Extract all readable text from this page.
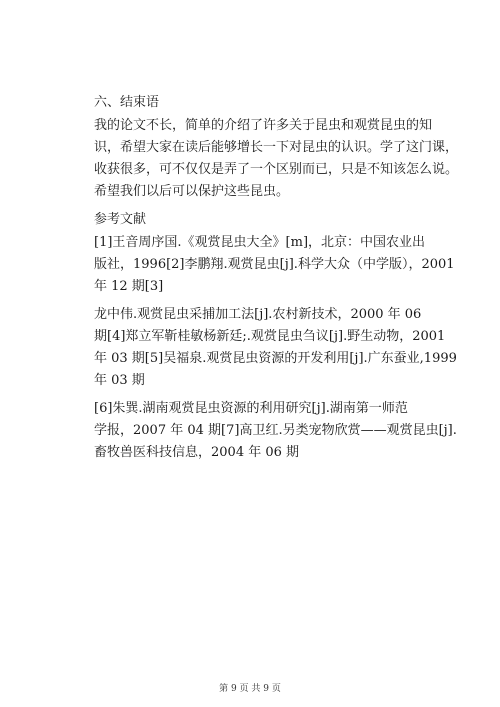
六、结束语
我的论文不长，简单的介绍了许多关于昆虫和观赏昆虫的知
识，希望大家在读后能够增长一下对昆虫的认识。学了这门课，
收获很多，可不仅仅是弄了一个区别而已，只是不知该怎么说。
希望我们以后可以保护这些昆虫。
参考文献
[1]王音周序国.《观赏昆虫大全》[m]，北京：中国农业出
版社，1996[2]李鹏翔.观赏昆虫[j].科学大众（中学版），2001
年 12 期[3]
龙中伟.观赏昆虫采捕加工法[j].农村新技术，2000 年 06
期[4]郑立军靳桂敏杨新廷;.观赏昆虫刍议[j].野生动物，2001
年 03 期[5]吴福泉.观赏昆虫资源的开发利用[j].广东蚕业,1999
年 03 期
[6]朱巽.湖南观赏昆虫资源的利用研究[j].湖南第一师范
学报，2007 年 04 期[7]高卫红.另类宠物欣赏——观赏昆虫[j].
畜牧兽医科技信息，2004 年 06 期
第 9 页 共 9 页
